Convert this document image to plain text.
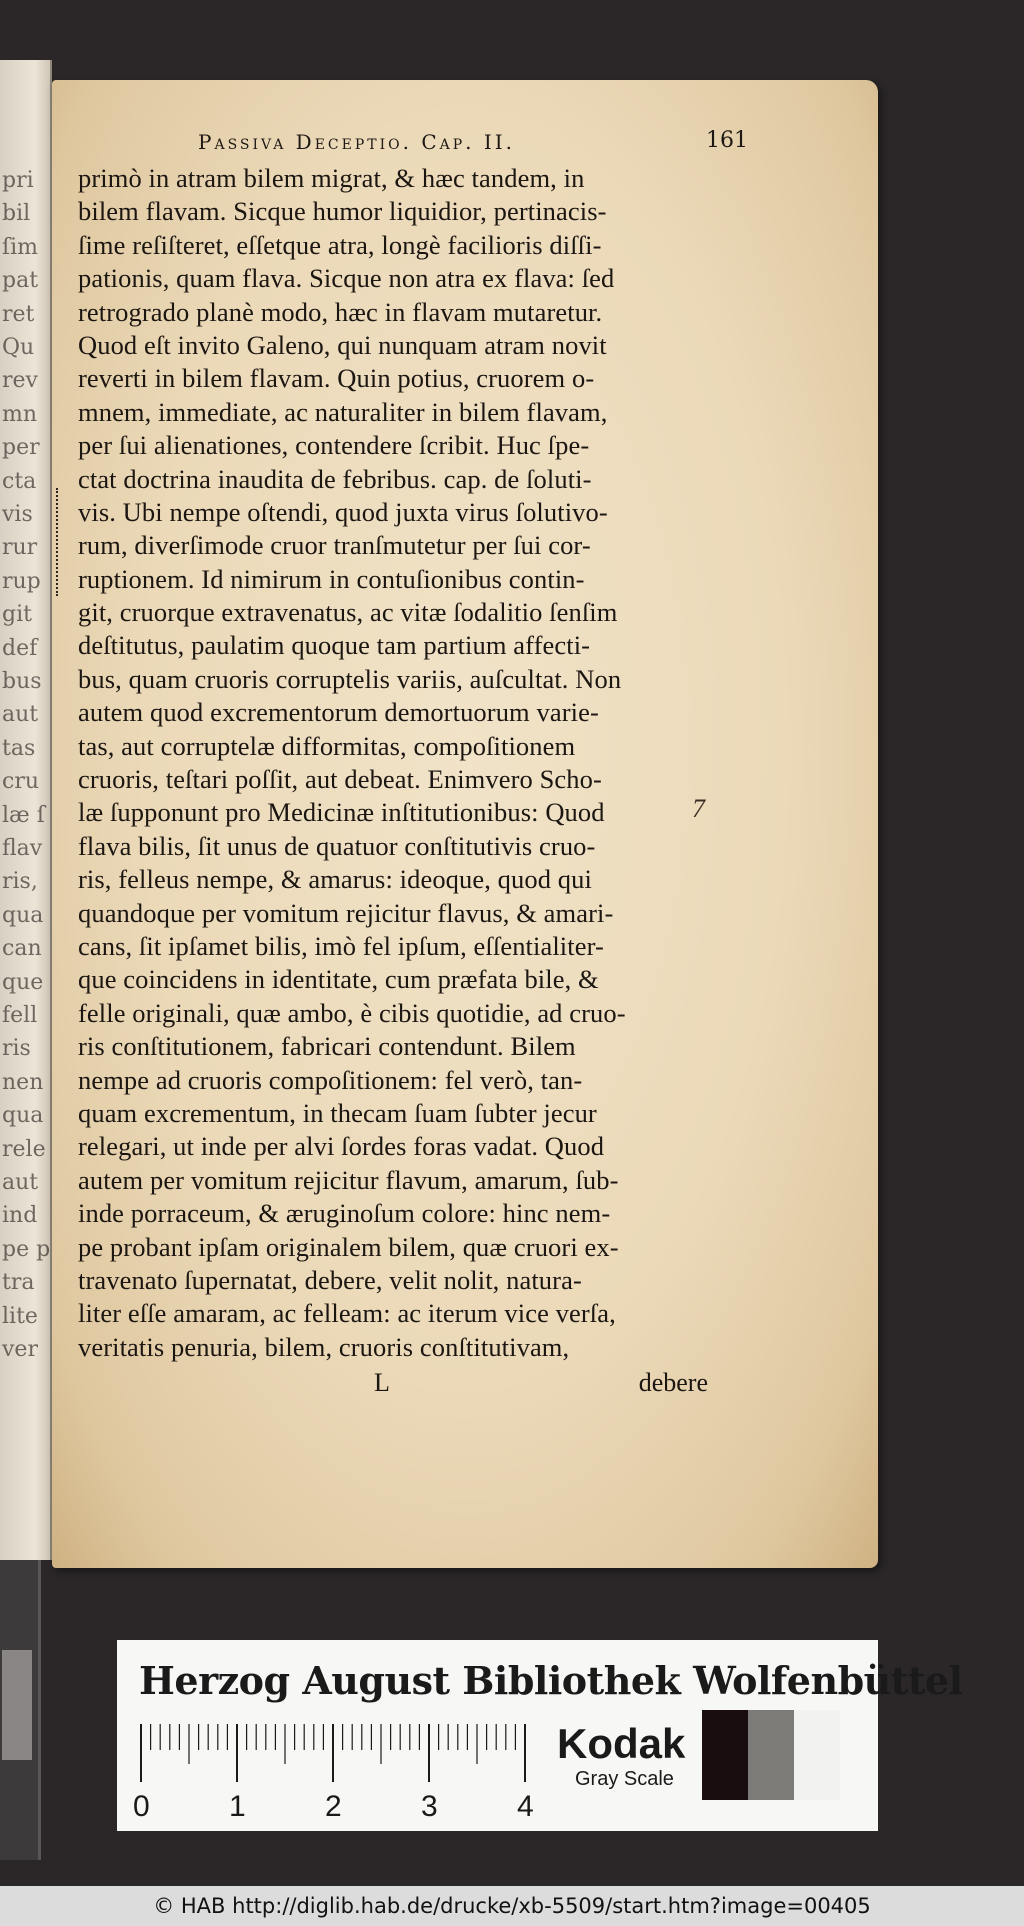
pri
bil
ſim
pat
ret
Qu
rev
mn
per
cta
vis
rur
rup
git
def
bus
aut
tas
cru
læ ſ
flav
ris,
qua
can
que
fell
ris
nen
qua
rele
aut
ind
pe p
tra
lite
ver
Passiva Deceptio. Cap. II.	161
primò in atram bilem migrat, & hæc tandem, in
bilem flavam. Sicque humor liquidior, pertinacis-
ſime reſiſteret, eſſetque atra, longè facilioris diſſi-
pationis, quam flava. Sicque non atra ex flava: ſed
retrogrado planè modo, hæc in flavam mutaretur.
Quod eſt invito Galeno, qui nunquam atram novit
reverti in bilem flavam. Quin potius, cruorem o-
mnem, immediate, ac naturaliter in bilem flavam,
per ſui alienationes, contendere ſcribit. Huc ſpe-
ctat doctrina inaudita de febribus. cap. de ſoluti-
vis. Ubi nempe oſtendi, quod juxta virus ſolutivo-
rum, diverſimode cruor tranſmutetur per ſui cor-
ruptionem. Id nimirum in contuſionibus contin-
git, cruorque extravenatus, ac vitæ ſodalitio ſenſim
deſtitutus, paulatim quoque tam partium affecti-
bus, quam cruoris corruptelis variis, auſcultat. Non
autem quod excrementorum demortuorum varie-
tas, aut corruptelæ difformitas, compoſitionem
cruoris, teſtari poſſit, aut debeat. Enimvero Scho-
læ ſupponunt pro Medicinæ inſtitutionibus: Quod
flava bilis, ſit unus de quatuor conſtitutivis cruo-
ris, felleus nempe, & amarus: ideoque, quod qui
quandoque per vomitum rejicitur flavus, & amari-
cans, ſit ipſamet bilis, imò fel ipſum, eſſentialiter-
que coincidens in identitate, cum præfata bile, &
felle originali, quæ ambo, è cibis quotidie, ad cruo-
ris conſtitutionem, fabricari contendunt. Bilem
nempe ad cruoris compoſitionem: fel verò, tan-
quam excrementum, in thecam ſuam ſubter jecur
relegari, ut inde per alvi ſordes foras vadat. Quod
autem per vomitum rejicitur flavum, amarum, ſub-
inde porraceum, & æruginoſum colore: hinc nem-
pe probant ipſam originalem bilem, quæ cruori ex-
travenato ſupernatat, debere, velit nolit, natura-
liter eſſe amaram, ac felleam: ac iterum vice verſa,
veritatis penuria, bilem, cruoris conſtitutivam,
7
L	debere
Herzog August Bibliothek Wolfenbüttel
0	1	2	3	4
Kodak
Gray Scale
© HAB http://diglib.hab.de/drucke/xb-5509/start.htm?image=00405
